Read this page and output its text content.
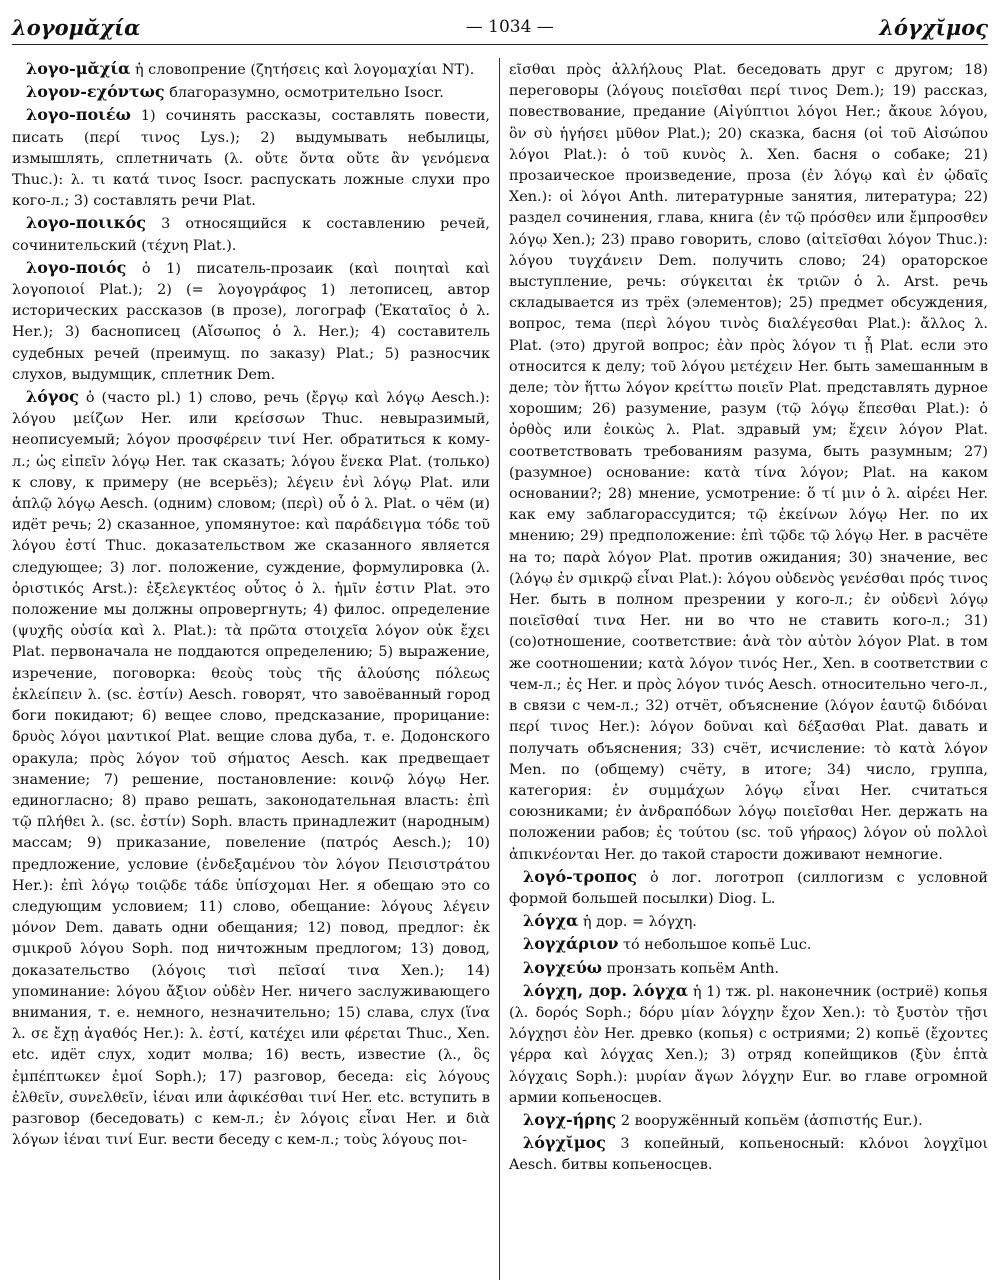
λογομᾰχία	— 1034 —	λόγχῐμος

λογο-μᾰχία ἡ словопрение (ζητήσεις καὶ λογομαχίαι NT).

λογον-εχόντως благоразумно, осмотрительно Isocr.

λογο-ποιέω 1) сочинять рассказы, составлять повести, писать (περί τινος Lys.); 2) выдумывать небылицы, измышлять, сплетничать (λ. οὔτε ὄντα οὔτε ἂν γενόμενα Thuc.): λ. τι κατά τινος Isocr. распускать ложные слухи про кого-л.; 3) составлять речи Plat.

λογο-ποιικός 3 относящийся к составлению речей, сочинительский (τέχνη Plat.).

λογο-ποιός ὁ 1) писатель-прозаик (καὶ ποιηταὶ καὶ λογοποιοί Plat.); 2) (= λογογράφος 1) летописец, автор исторических рассказов (в прозе), логограф (Ἑκαταῖος ὁ λ. Her.); 3) баснописец (Αἴσωπος ὁ λ. Her.); 4) составитель судебных речей (преимущ. по заказу) Plat.; 5) разносчик слухов, выдумщик, сплетник Dem.

λόγος ὁ (часто pl.) 1) слово, речь (ἔργῳ καὶ λόγῳ Aesch.): λόγου μείζων Her. или κρείσσων Thuc. невыразимый, неописуемый; λόγον προσφέρειν τινί Her. обратиться к кому-л.; ὡς εἰπεῖν λόγῳ Her. так сказать; λόγου ἕνεκα Plat. (только) к слову, к примеру (не всерьёз); λέγειν ἑνὶ λόγῳ Plat. или ἁπλῷ λόγῳ Aesch. (одним) словом; (περὶ) οὗ ὁ λ. Plat. о чём (и) идёт речь; 2) сказанное, упомянутое: καὶ παράδειγμα τόδε τοῦ λόγου ἐστί Thuc. доказательством же сказанного является следующее; 3) лог. положение, суждение, формулировка (λ. ὁριστικός Arst.): ἐξελεγκτέος οὗτος ὁ λ. ἡμῖν ἐστιν Plat. это положение мы должны опровергнуть; 4) филос. определение (ψυχῆς οὐσία καὶ λ. Plat.): τὰ πρῶτα στοιχεῖα λόγον οὐκ ἔχει Plat. первоначала не поддаются определению; 5) выражение, изречение, поговорка: θεοὺς τοὺς τῆς ἁλούσης πόλεως ἐκλείπειν λ. (sc. ἐστίν) Aesch. говорят, что завоёванный город боги покидают; 6) вещее слово, предсказание, прорицание: δρυὸς λόγοι μαντικοί Plat. вещие слова дуба, т. е. Додонского оракула; πρὸς λόγον τοῦ σήματος Aesch. как предвещает знамение; 7) решение, постановление: κοινῷ λόγῳ Her. единогласно; 8) право решать, законодательная власть: ἐπὶ τῷ πλήθει λ. (sc. ἐστίν) Soph. власть принадлежит (народным) массам; 9) приказание, повеление (πατρός Aesch.); 10) предложение, условие (ἐνδεξαμένου τὸν λόγον Πεισιστράτου Her.): ἐπὶ λόγῳ τοιῷδε τάδε ὑπίσχομαι Her. я обещаю это со следующим условием; 11) слово, обещание: λόγους λέγειν μόνον Dem. давать одни обещания; 12) повод, предлог: ἐκ σμικροῦ λόγου Soph. под ничтожным предлогом; 13) довод, доказательство (λόγοις τισὶ πεῖσαί τινα Xen.); 14) упоминание: λόγου ἄξιον οὐδὲν Her. ничего заслуживающего внимания, т. е. немного, незначительно; 15) слава, слух (ἵνα λ. σε ἔχῃ ἀγαθός Her.): λ. ἐστί, κατέχει или φέρεται Thuc., Xen. etc. идёт слух, ходит молва; 16) весть, известие (λ., ὃς ἐμπέπτωκεν ἐμοί Soph.); 17) разговор, беседа: εἰς λόγους ἐλθεῖν, συνελθεῖν, ἰέναι или ἀφικέσθαι τινί Her. etc. вступить в разговор (беседовать) с кем-л.; ἐν λόγοις εἶναι Her. и διὰ λόγων ἰέναι τινί Eur. вести беседу с кем-л.; τοὺς λόγους ποι-

εῖσθαι πρὸς ἀλλήλους Plat. беседовать друг с другом; 18) переговоры (λόγους ποιεῖσθαι περί τινος Dem.); 19) рассказ, повествование, предание (Αἰγύπτιοι λόγοι Her.; ἄκουε λόγου, ὃν σὺ ἡγήσει μῦθον Plat.); 20) сказка, басня (οἱ τοῦ Αἰσώπου λόγοι Plat.): ὁ τοῦ κυνὸς λ. Xen. басня о собаке; 21) прозаическое произведение, проза (ἐν λόγῳ καὶ ἐν ᾠδαῖς Xen.): οἱ λόγοι Anth. литературные занятия, литература; 22) раздел сочинения, глава, книга (ἐν τῷ πρόσθεν или ἔμπροσθεν λόγῳ Xen.); 23) право говорить, слово (αἰτεῖσθαι λόγον Thuc.): λόγου τυγχάνειν Dem. получить слово; 24) ораторское выступление, речь: σύγκειται ἐκ τριῶν ὁ λ. Arst. речь складывается из трёх (элементов); 25) предмет обсуждения, вопрос, тема (περὶ λόγου τινὸς διαλέγεσθαι Plat.): ἄλλος λ. Plat. (это) другой вопрос; ἐὰν πρὸς λόγον τι ᾖ Plat. если это относится к делу; τοῦ λόγου μετέχειν Her. быть замешанным в деле; τὸν ἥττω λόγον κρείττω ποιεῖν Plat. представлять дурное хорошим; 26) разумение, разум (τῷ λόγῳ ἕπεσθαι Plat.): ὁ ὀρθὸς или ἐοικὼς λ. Plat. здравый ум; ἔχειν λόγον Plat. соответствовать требованиям разума, быть разумным; 27) (разумное) основание: κατὰ τίνα λόγον; Plat. на каком основании?; 28) мнение, усмотрение: ὅ τί μιν ὁ λ. αἱρέει Her. как ему заблагорассудится; τῷ ἐκείνων λόγῳ Her. по их мнению; 29) предположение: ἐπὶ τῷδε τῷ λόγῳ Her. в расчёте на то; παρὰ λόγον Plat. против ожидания; 30) значение, вес (λόγῳ ἐν σμικρῷ εἶναι Plat.): λόγου οὐδενὸς γενέσθαι πρός τινος Her. быть в полном презрении у кого-л.; ἐν οὐδενὶ λόγῳ ποιεῖσθαί τινα Her. ни во что не ставить кого-л.; 31) (со)отношение, соответствие: ἀνὰ τὸν αὐτὸν λόγον Plat. в том же соотношении; κατὰ λόγον τινός Her., Xen. в соответствии с чем-л.; ἐς Her. и πρὸς λόγον τινός Aesch. относительно чего-л., в связи с чем-л.; 32) отчёт, объяснение (λόγον ἑαυτῷ διδόναι περί τινος Her.): λόγον δοῦναι καὶ δέξασθαι Plat. давать и получать объяснения; 33) счёт, исчисление: τὸ κατὰ λόγον Men. по (общему) счёту, в итоге; 34) число, группа, категория: ἐν συμμάχων λόγῳ εἶναι Her. считаться союзниками; ἐν ἀνδραπόδων λόγῳ ποιεῖσθαι Her. держать на положении рабов; ἐς τούτου (sc. τοῦ γήραος) λόγον οὐ πολλοὶ ἀπικνέονται Her. до такой старости доживают немногие.

λογό-τροπος ὁ лог. логотроп (силлогизм с условной формой большей посылки) Diog. L.

λόγχα ἡ дор. = λόγχη.

λογχάριον τό небольшое копьё Luc.

λογχεύω пронзать копьём Anth.

λόγχη, дор. λόγχα ἡ 1) тж. pl. наконечник (остриё) копья (λ. δορός Soph.; δόρυ μίαν λόγχην ἔχον Xen.): τὸ ξυστὸν τῇσι λόγχῃσι ἐὸν Her. древко (копья) с остриями; 2) копьё (ἔχοντες γέρρα καὶ λόγχας Xen.); 3) отряд копейщиков (ξὺν ἑπτὰ λόγχαις Soph.): μυρίαν ἄγων λόγχην Eur. во главе огромной армии копьеносцев.

λογχ-ήρης 2 вооружённый копьём (ἀσπιστής Eur.).

λόγχῐμος 3 копейный, копьеносный: κλόνοι λογχῖμοι Aesch. битвы копьеносцев.
